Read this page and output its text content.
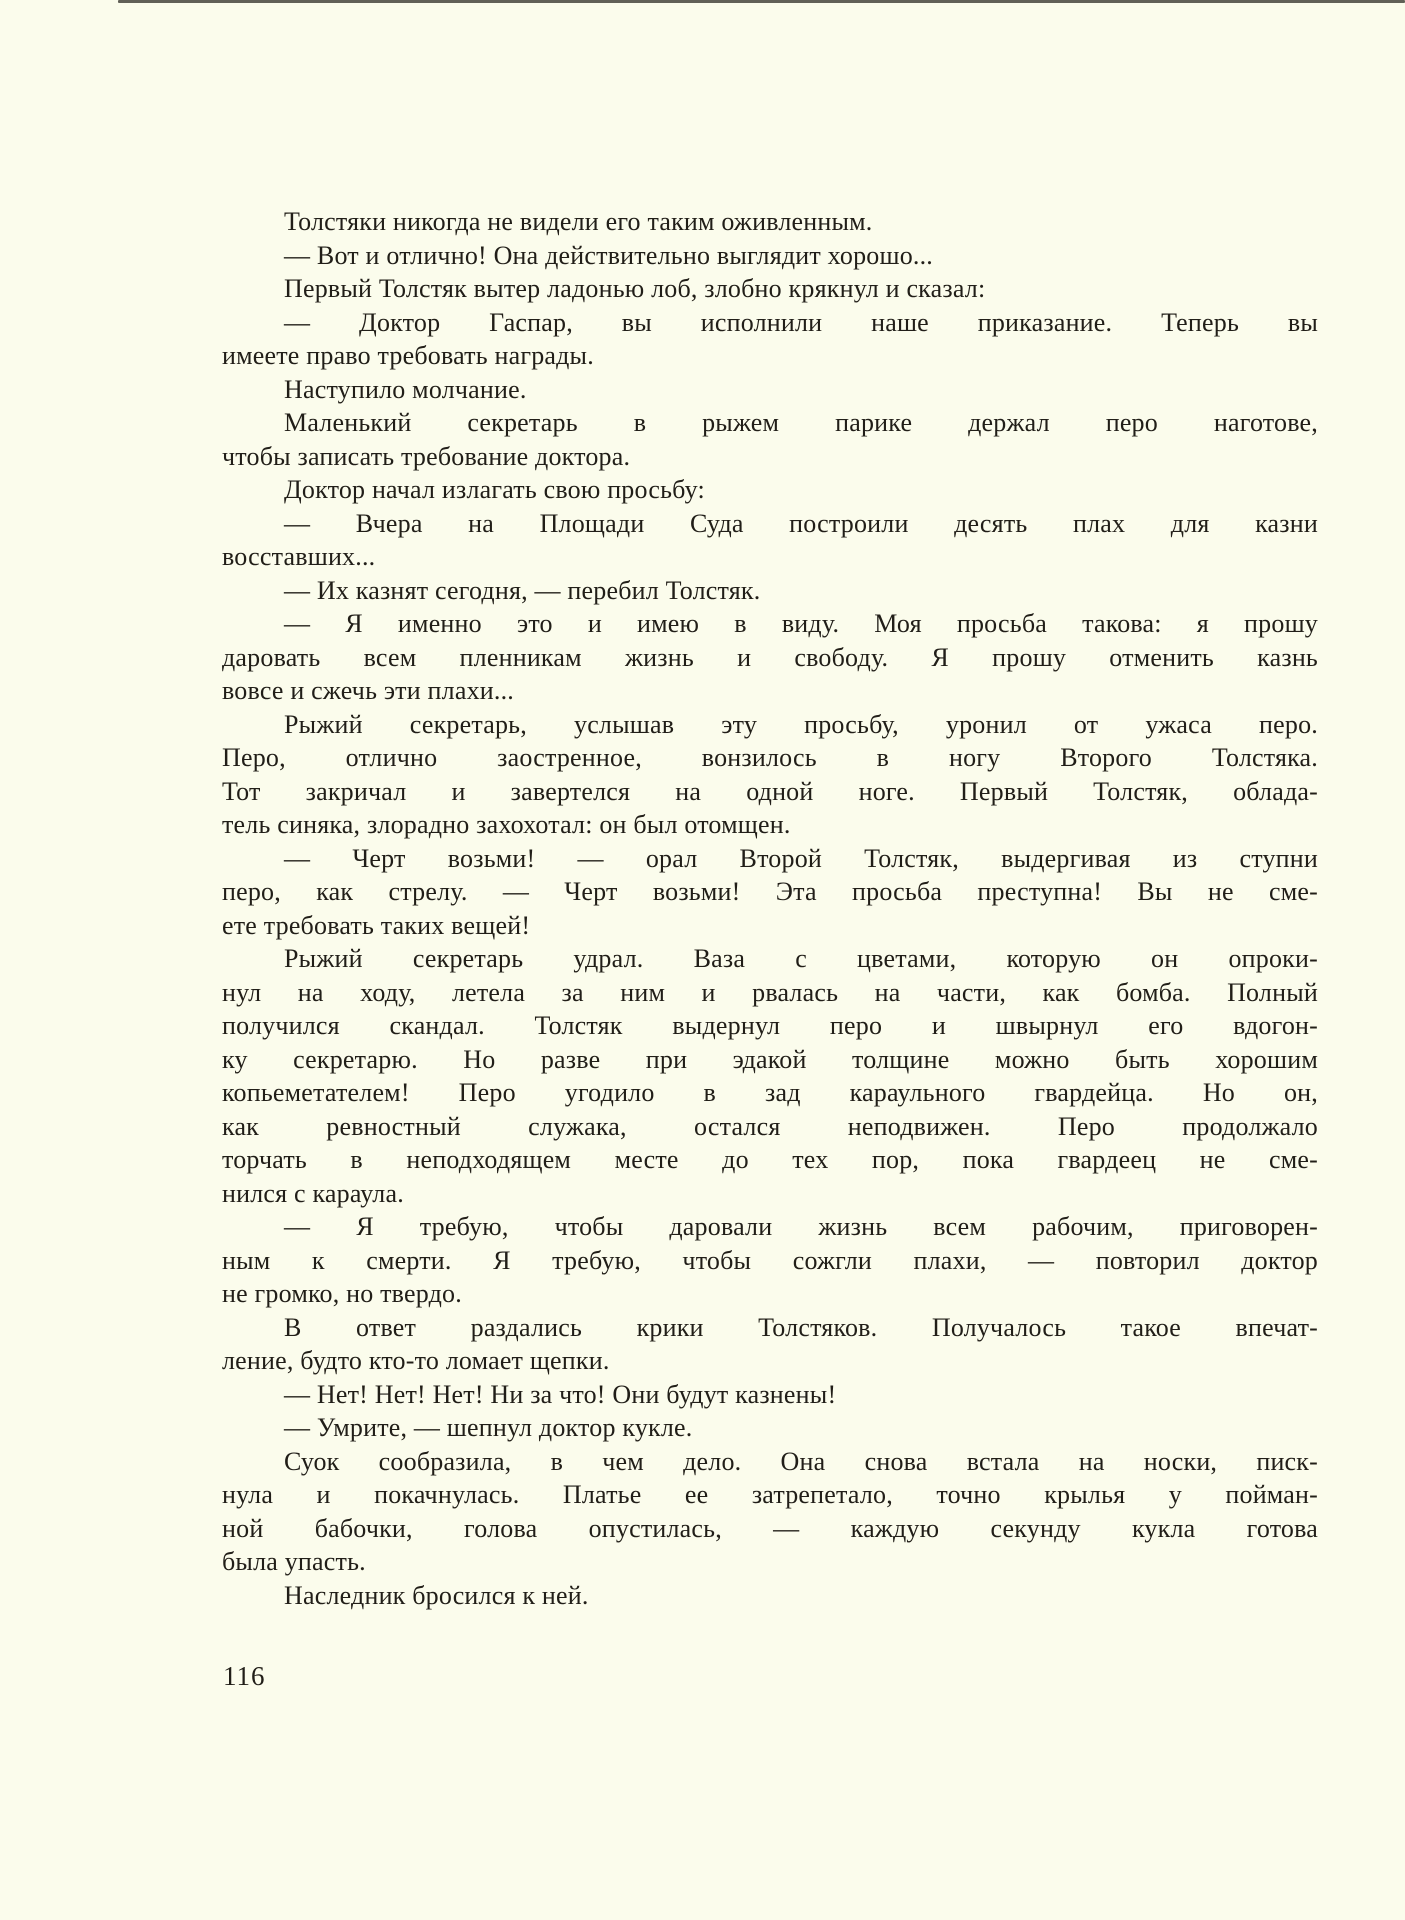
Толстяки никогда не видели его таким оживленным.

— Вот и отлично! Она действительно выглядит хорошо...

Первый Толстяк вытер ладонью лоб, злобно крякнул и сказал:

— Доктор Гаспар, вы исполнили наше приказание. Теперь вы
имеете право требовать награды.

Наступило молчание.

Маленький секретарь в рыжем парике держал перо наготове,
чтобы записать требование доктора.

Доктор начал излагать свою просьбу:

— Вчера на Площади Суда построили десять плах для казни
восставших...

— Их казнят сегодня, — перебил Толстяк.

— Я именно это и имею в виду. Моя просьба такова: я прошу
даровать всем пленникам жизнь и свободу. Я прошу отменить казнь
вовсе и сжечь эти плахи...

Рыжий секретарь, услышав эту просьбу, уронил от ужаса перо.
Перо, отлично заостренное, вонзилось в ногу Второго Толстяка.
Тот закричал и завертелся на одной ноге. Первый Толстяк, облада-
тель синяка, злорадно захохотал: он был отомщен.

— Черт возьми! — орал Второй Толстяк, выдергивая из ступни
перо, как стрелу. — Черт возьми! Эта просьба преступна! Вы не сме-
ете требовать таких вещей!

Рыжий секретарь удрал. Ваза с цветами, которую он опроки-
нул на ходу, летела за ним и рвалась на части, как бомба. Полный
получился скандал. Толстяк выдернул перо и швырнул его вдогон-
ку секретарю. Но разве при эдакой толщине можно быть хорошим
копьеметателем! Перо угодило в зад караульного гвардейца. Но он,
как ревностный служака, остался неподвижен. Перо продолжало
торчать в неподходящем месте до тех пор, пока гвардеец не сме-
нился с караула.

— Я требую, чтобы даровали жизнь всем рабочим, приговорен-
ным к смерти. Я требую, чтобы сожгли плахи, — повторил доктор
не громко, но твердо.

В ответ раздались крики Толстяков. Получалось такое впечат-
ление, будто кто-то ломает щепки.

— Нет! Нет! Нет! Ни за что! Они будут казнены!

— Умрите, — шепнул доктор кукле.

Суок сообразила, в чем дело. Она снова встала на носки, писк-
нула и покачнулась. Платье ее затрепетало, точно крылья у пойман-
ной бабочки, голова опустилась, — каждую секунду кукла готова
была упасть.

Наследник бросился к ней.

116
